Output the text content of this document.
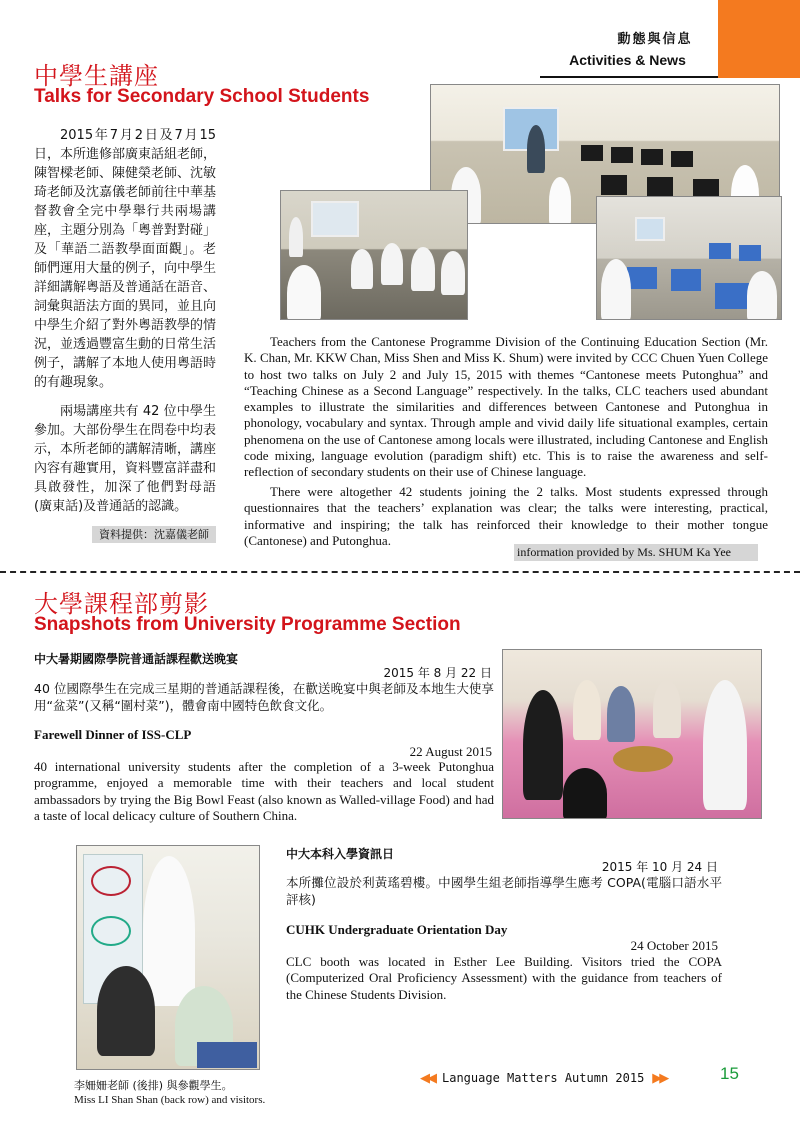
動態與信息
Activities & News
中學生講座
Talks for Secondary School Students
2015年7月2日及7月15日，本所進修部廣東話組老師，陳智樑老師、陳健榮老師、沈敏琦老師及沈嘉儀老師前往中華基督教會全完中學舉行共兩場講座，主題分別為「粵普對對碰」及「華語二語教學面面觀」。老師們運用大量的例子，向中學生詳細講解粵語及普通話在語音、詞彙與語法方面的異同，並且向中學生介紹了對外粵語教學的情況，並透過豐富生動的日常生活例子，講解了本地人使用粵語時的有趣現象。
兩場講座共有 42 位中學生參加。大部份學生在問卷中均表示，本所老師的講解清晰，講座內容有趣實用，資料豐富詳盡和具啟發性，加深了他們對母語(廣東話)及普通話的認識。
資料提供：沈嘉儀老師
Teachers from the Cantonese Programme Division of the Continuing Education Section (Mr. K. Chan, Mr. KKW Chan, Miss Shen and Miss K. Shum) were invited by CCC Chuen Yuen College to host two talks on July 2 and July 15, 2015 with themes “Cantonese meets Putonghua” and “Teaching Chinese as a Second Language” respectively. In the talks, CLC teachers used abundant examples to illustrate the similarities and differences between Cantonese and Putonghua in phonology, vocabulary and syntax. Through ample and vivid daily life situational examples, certain phenomena on the use of Cantonese among locals were illustrated, including Cantonese and English code mixing, language evolution (paradigm shift) etc. This is to raise the awareness and self-reflection of secondary students on their use of Chinese language.
There were altogether 42 students joining the 2 talks. Most students expressed through questionnaires that the teachers’ explanation was clear; the talks were interesting, practical, informative and inspiring; the talk has reinforced their knowledge to their mother tongue (Cantonese) and Putonghua.
information provided by Ms. SHUM Ka Yee
大學課程部剪影
Snapshots from University Programme Section
中大暑期國際學院普通話課程歡送晚宴
2015 年 8 月 22 日
40 位國際學生在完成三星期的普通話課程後，在歡送晚宴中與老師及本地生大使享用“盆菜”(又稱“圍村菜”)，體會南中國特色飲食文化。
Farewell Dinner of ISS-CLP
22 August 2015
40 international university students after the completion of a 3-week Putonghua programme, enjoyed a memorable time with their teachers and local student ambassadors by trying the Big Bowl Feast (also known as Walled-village Food) and had a taste of local delicacy culture of Southern China.
中大本科入學資訊日
2015 年 10 月 24 日
本所攤位設於利黃瑤碧樓。中國學生組老師指導學生應考 COPA(電腦口語水平評核)
CUHK Undergraduate Orientation Day
24 October 2015
CLC booth was located in Esther Lee Building. Visitors tried the COPA (Computerized Oral Proficiency Assessment) with the guidance from teachers of the Chinese Students Division.
李姍姍老師 (後排) 與參觀學生。
Miss LI Shan Shan (back row) and visitors.
◀◀ Language Matters Autumn 2015 ▶▶	15
